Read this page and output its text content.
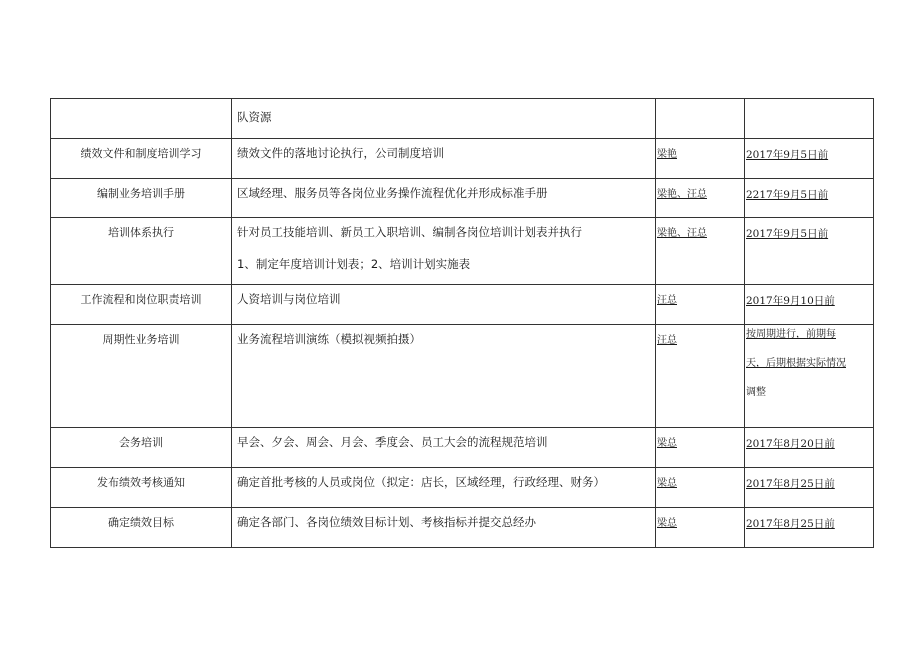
	队资源		

绩效文件和制度培训学习	绩效文件的落地讨论执行，公司制度培训	梁艳	2017年9月5日前

编制业务培训手册	区域经理、服务员等各岗位业务操作流程优化并形成标准手册	梁艳、汪总	2217年9月5日前

培训体系执行	针对员工技能培训、新员工入职培训、编制各岗位培训计划表并执行
1、制定年度培训计划表；2、培训计划实施表	梁艳、汪总	2017年9月5日前

工作流程和岗位职责培训	人资培训与岗位培训	汪总	2017年9月10日前

周期性业务培训	业务流程培训演练（模拟视频拍摄）	汪总	按周期进行，前期每
天，后期根据实际情况
调整

会务培训	早会、夕会、周会、月会、季度会、员工大会的流程规范培训	梁总	2017年8月20日前

发布绩效考核通知	确定首批考核的人员或岗位（拟定：店长，区域经理，行政经理、财务）	梁总	2017年8月25日前

确定绩效目标	确定各部门、各岗位绩效目标计划、考核指标并提交总经办	梁总	2017年8月25日前
